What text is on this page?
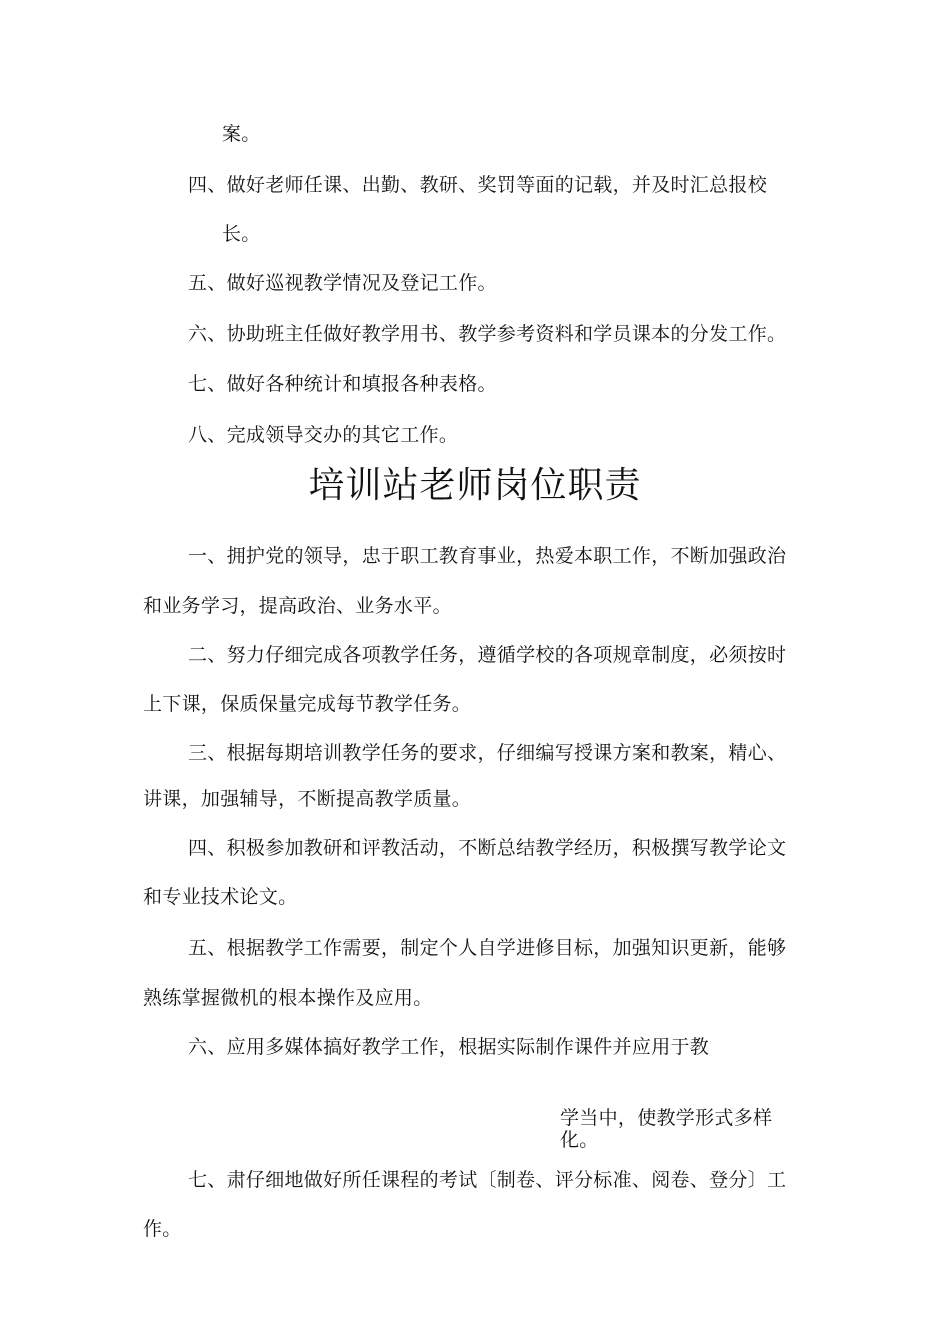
案。
四、做好老师任课、出勤、教研、奖罚等面的记载，并及时汇总报校
长。
五、做好巡视教学情况及登记工作。
六、协助班主任做好教学用书、教学参考资料和学员课本的分发工作。
七、做好各种统计和填报各种表格。
八、完成领导交办的其它工作。
培训站老师岗位职责
一、拥护党的领导，忠于职工教育事业，热爱本职工作，不断加强政治
和业务学习，提高政治、业务水平。
二、努力仔细完成各项教学任务，遵循学校的各项规章制度，必须按时
上下课，保质保量完成每节教学任务。
三、根据每期培训教学任务的要求，仔细编写授课方案和教案，精心、
讲课，加强辅导，不断提高教学质量。
四、积极参加教研和评教活动，不断总结教学经历，积极撰写教学论文
和专业技术论文。
五、根据教学工作需要，制定个人自学进修目标，加强知识更新，能够
熟练掌握微机的根本操作及应用。
六、应用多媒体搞好教学工作，根据实际制作课件并应用于教
学当中，使教学形式多样
化。
七、肃仔细地做好所任课程的考试〔制卷、评分标准、阅卷、登分〕工
作。
